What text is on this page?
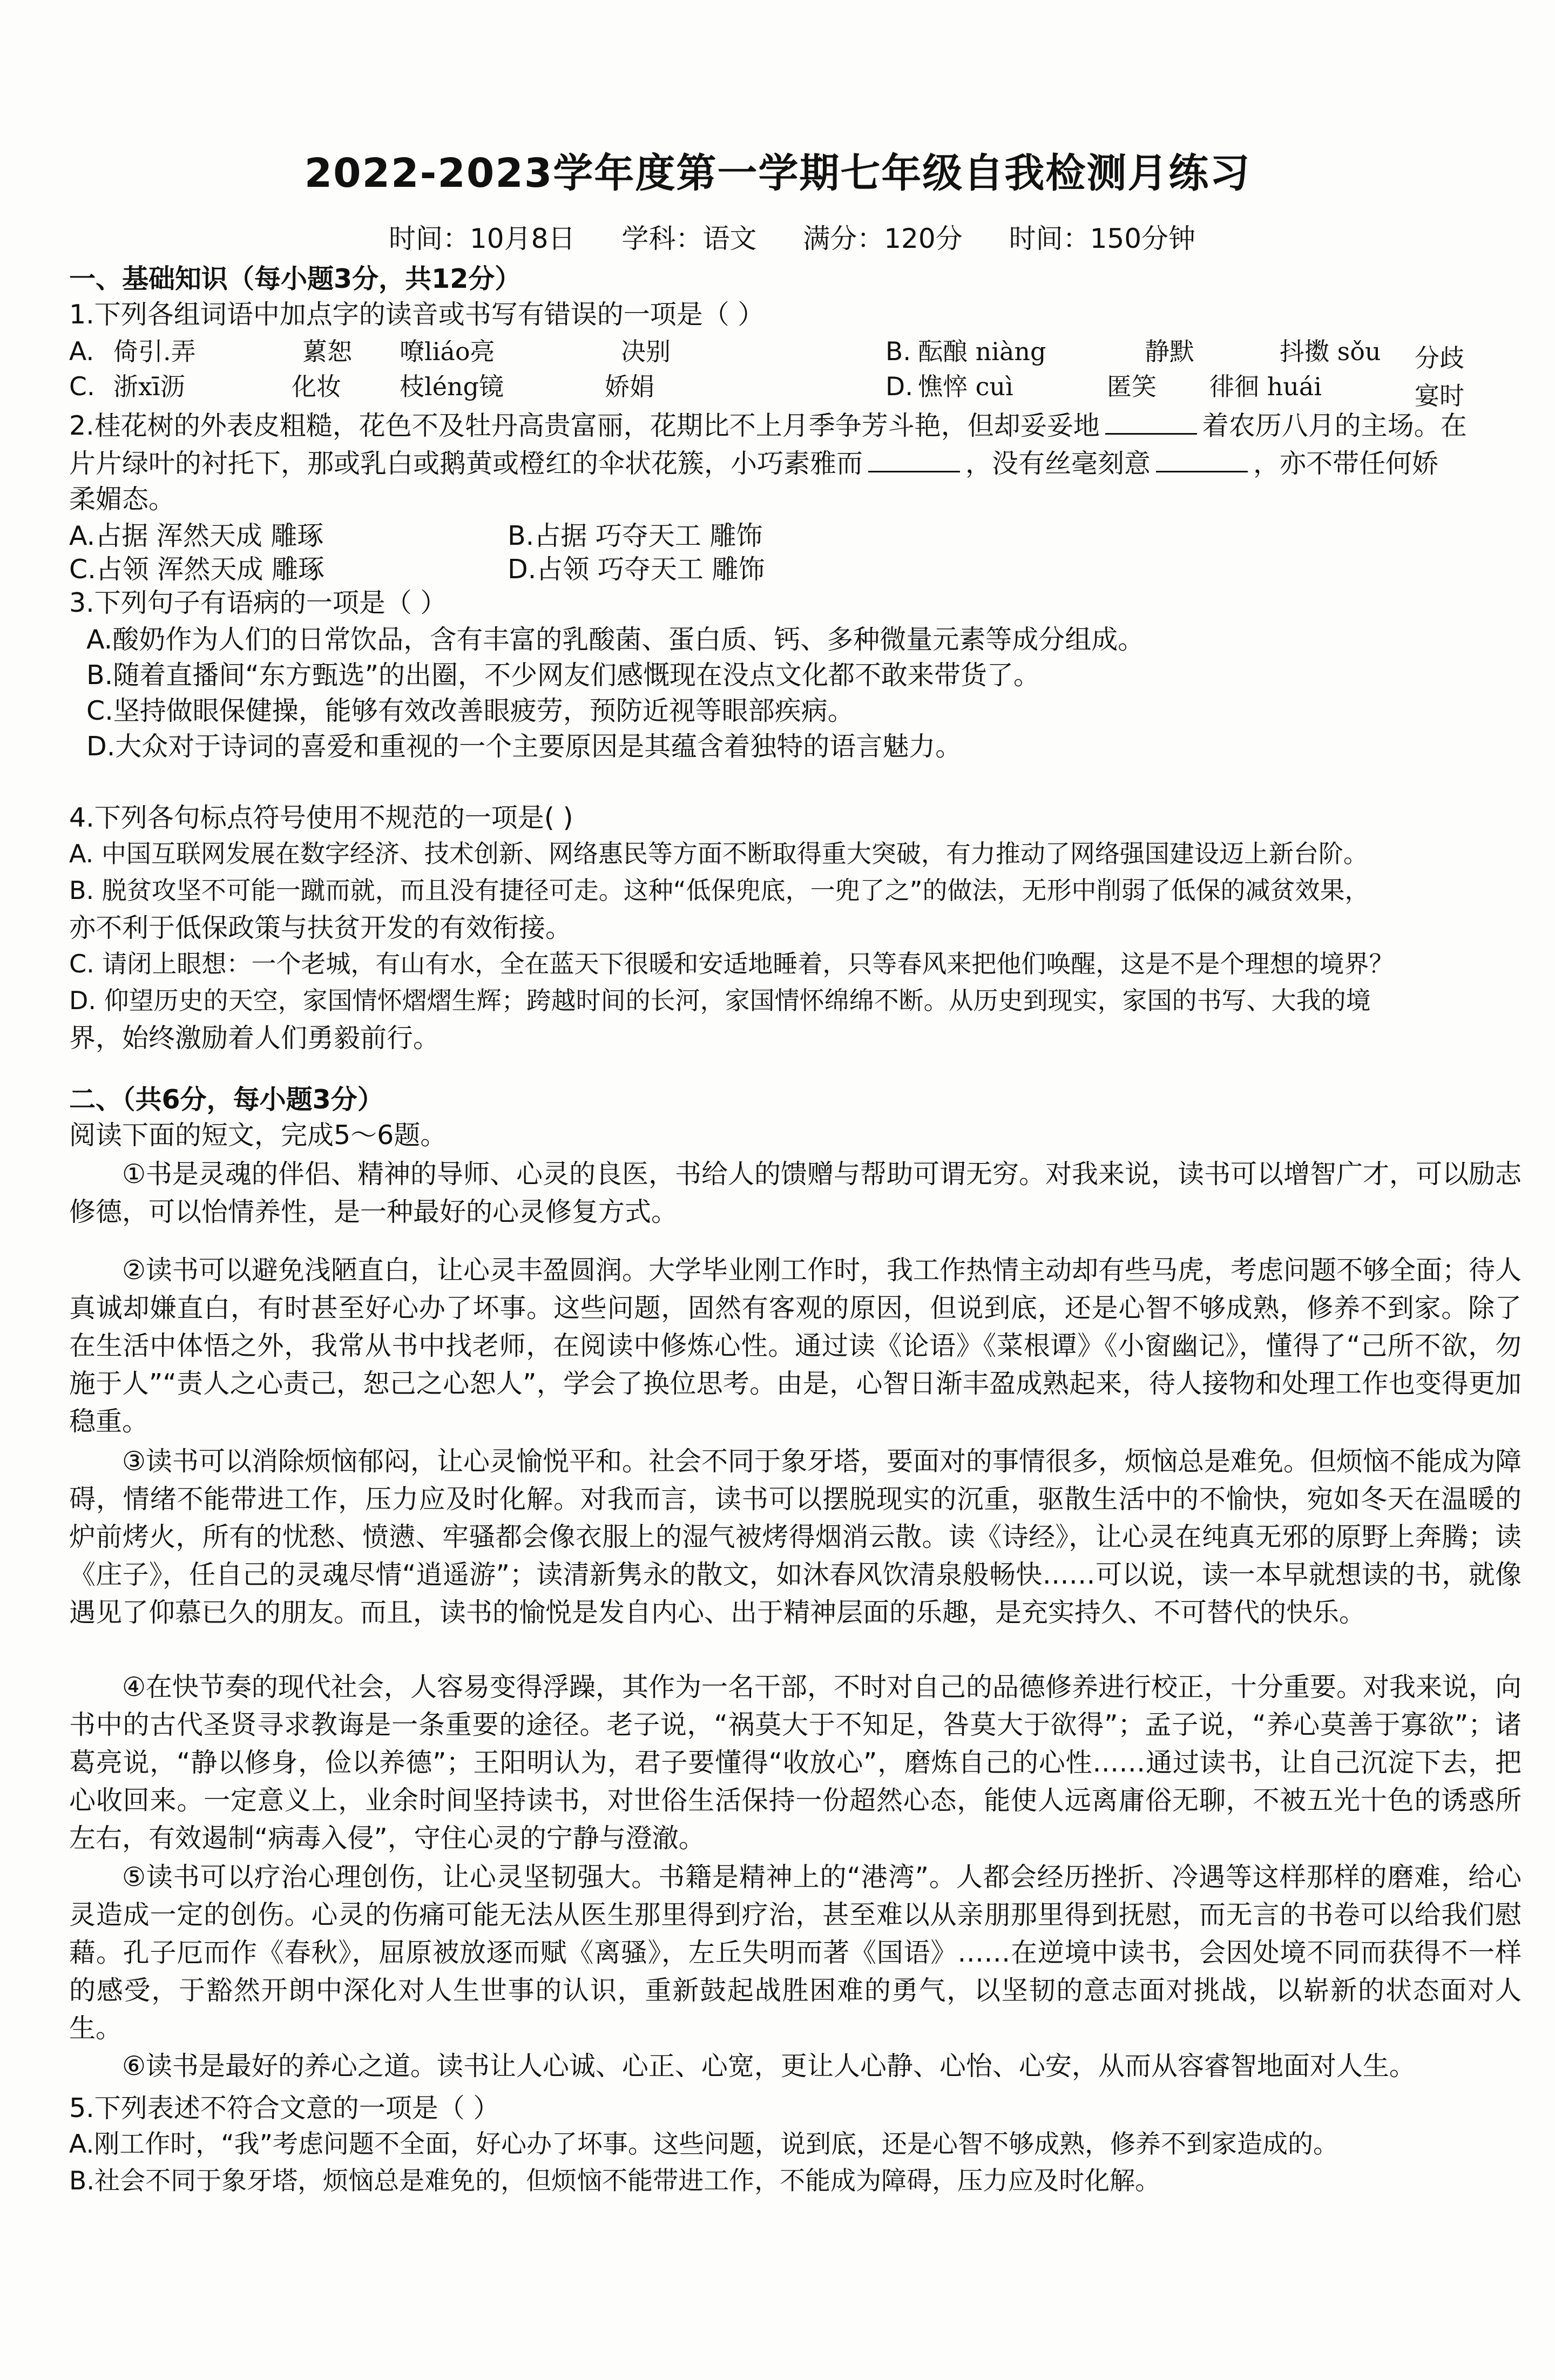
2022-2023学年度第一学期七年级自我检测月练习
时间：10月8日 学科：语文 满分：120分 时间：150分钟
一、基础知识（每小题3分，共12分）
1.下列各组词语中加点字的读音或书写有错误的一项是（ ）
A. 倚引.弄	蔂恕 嘹liáo亮	决别	B. 酝酿 niàng	静默	抖擞 sǒu 分歧
C. 浙xī沥	化妆 枝léng镜	娇娟	D. 憔悴 cuì	匿笑 徘徊 huái	宴时
2.桂花树的外表皮粗糙，花色不及牡丹高贵富丽，花期比不上月季争芳斗艳，但却妥妥地	着农历八月的主场。在
片片绿叶的衬托下，那或乳白或鹅黄或橙红的伞状花簇，小巧素雅而	，没有丝毫刻意	，亦不带任何娇
柔媚态。
A.占据 浑然天成 雕琢	B.占据 巧夺天工 雕饰
C.占领 浑然天成 雕琢	D.占领 巧夺天工 雕饰
3.下列句子有语病的一项是（ ）
A.酸奶作为人们的日常饮品，含有丰富的乳酸菌、蛋白质、钙、多种微量元素等成分组成。
B.随着直播间“东方甄选”的出圈，不少网友们感慨现在没点文化都不敢来带货了。
C.坚持做眼保健操，能够有效改善眼疲劳，预防近视等眼部疾病。
D.大众对于诗词的喜爱和重视的一个主要原因是其蕴含着独特的语言魅力。
4.下列各句标点符号使用不规范的一项是( )
A. 中国互联网发展在数字经济、技术创新、网络惠民等方面不断取得重大突破，有力推动了网络强国建设迈上新台阶。
B. 脱贫攻坚不可能一蹴而就，而且没有捷径可走。这种“低保兜底，一兜了之”的做法，无形中削弱了低保的减贫效果，
亦不利于低保政策与扶贫开发的有效衔接。
C. 请闭上眼想：一个老城，有山有水，全在蓝天下很暖和安适地睡着，只等春风来把他们唤醒，这是不是个理想的境界？
D. 仰望历史的天空，家国情怀熠熠生辉；跨越时间的长河，家国情怀绵绵不断。从历史到现实，家国的书写、大我的境
界，始终激励着人们勇毅前行。
二、（共6分，每小题3分）
阅读下面的短文，完成5～6题。
①书是灵魂的伴侣、精神的导师、心灵的良医，书给人的馈赠与帮助可谓无穷。对我来说，读书可以增智广才，可以励志修德，可以怡情养性，是一种最好的心灵修复方式。
②读书可以避免浅陋直白，让心灵丰盈圆润。大学毕业刚工作时，我工作热情主动却有些马虎，考虑问题不够全面；待人真诚却嫌直白，有时甚至好心办了坏事。这些问题，固然有客观的原因，但说到底，还是心智不够成熟，修养不到家。除了在生活中体悟之外，我常从书中找老师，在阅读中修炼心性。通过读《论语》《菜根谭》《小窗幽记》，懂得了“己所不欲，勿施于人”“责人之心责己，恕己之心恕人”，学会了换位思考。由是，心智日渐丰盈成熟起来，待人接物和处理工作也变得更加稳重。
③读书可以消除烦恼郁闷，让心灵愉悦平和。社会不同于象牙塔，要面对的事情很多，烦恼总是难免。但烦恼不能成为障碍，情绪不能带进工作，压力应及时化解。对我而言，读书可以摆脱现实的沉重，驱散生活中的不愉快，宛如冬天在温暖的炉前烤火，所有的忧愁、愤懑、牢骚都会像衣服上的湿气被烤得烟消云散。读《诗经》，让心灵在纯真无邪的原野上奔腾；读《庄子》，任自己的灵魂尽情“逍遥游”；读清新隽永的散文，如沐春风饮清泉般畅快……可以说，读一本早就想读的书，就像遇见了仰慕已久的朋友。而且，读书的愉悦是发自内心、出于精神层面的乐趣，是充实持久、不可替代的快乐。
④在快节奏的现代社会，人容易变得浮躁，其作为一名干部，不时对自己的品德修养进行校正，十分重要。对我来说，向书中的古代圣贤寻求教诲是一条重要的途径。老子说，“祸莫大于不知足，咎莫大于欲得”；孟子说，“养心莫善于寡欲”；诸葛亮说，“静以修身，俭以养德”；王阳明认为，君子要懂得“收放心”，磨炼自己的心性……通过读书，让自己沉淀下去，把心收回来。一定意义上，业余时间坚持读书，对世俗生活保持一份超然心态，能使人远离庸俗无聊，不被五光十色的诱惑所左右，有效遏制“病毒入侵”，守住心灵的宁静与澄澈。
⑤读书可以疗治心理创伤，让心灵坚韧强大。书籍是精神上的“港湾”。人都会经历挫折、冷遇等这样那样的磨难，给心灵造成一定的创伤。心灵的伤痛可能无法从医生那里得到疗治，甚至难以从亲朋那里得到抚慰，而无言的书卷可以给我们慰藉。孔子厄而作《春秋》，屈原被放逐而赋《离骚》，左丘失明而著《国语》……在逆境中读书，会因处境不同而获得不一样的感受，于豁然开朗中深化对人生世事的认识，重新鼓起战胜困难的勇气，以坚韧的意志面对挑战，以崭新的状态面对人生。
⑥读书是最好的养心之道。读书让人心诚、心正、心宽，更让人心静、心怡、心安，从而从容睿智地面对人生。
5.下列表述不符合文意的一项是（ ）
A.刚工作时，“我”考虑问题不全面，好心办了坏事。这些问题，说到底，还是心智不够成熟，修养不到家造成的。
B.社会不同于象牙塔，烦恼总是难免的，但烦恼不能带进工作，不能成为障碍，压力应及时化解。
